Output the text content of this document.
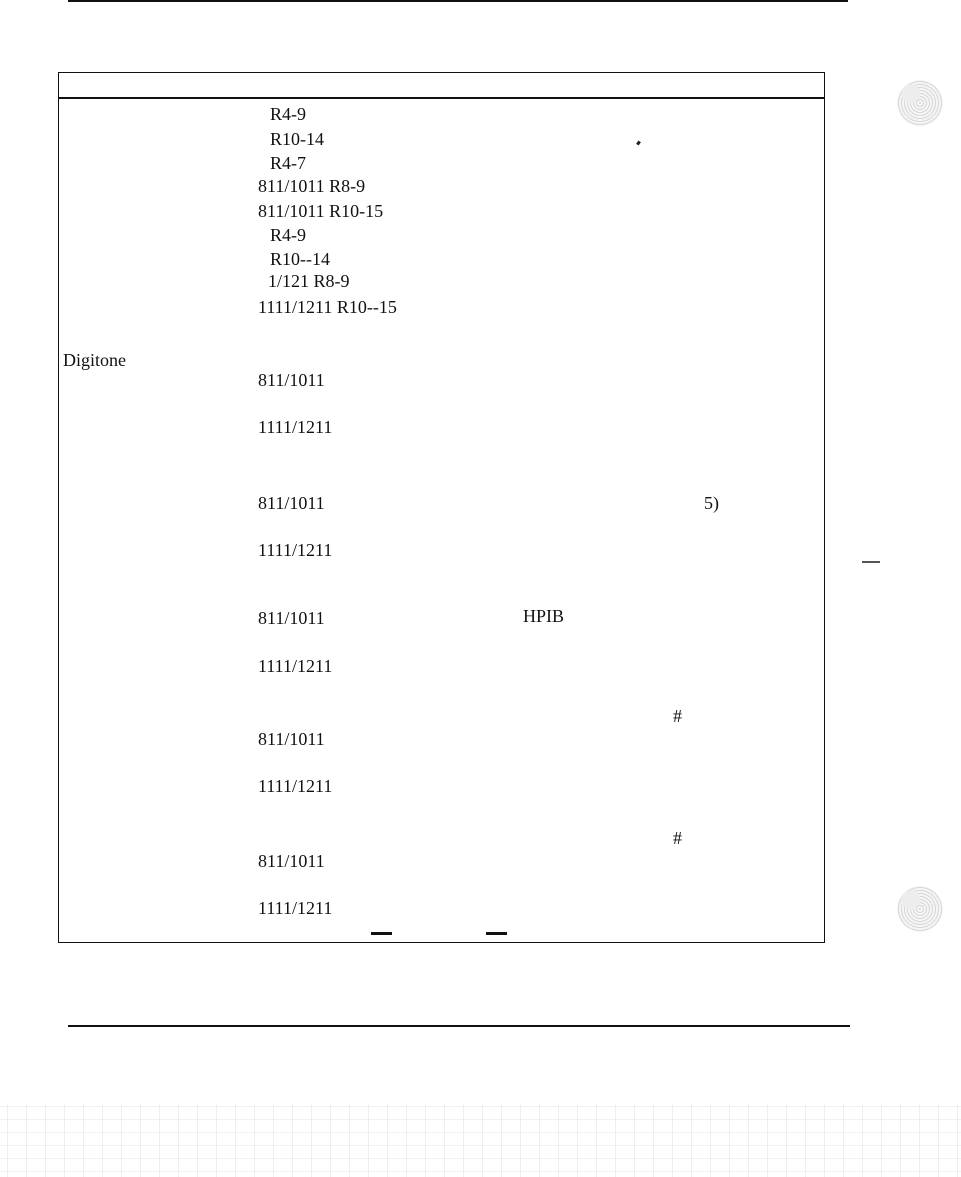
R4-9
R10-14
R4-7
811/1011 R8-9
811/1011 R10-15
R4-9
R10--14
1/121 R8-9
1111/1211 R10--15
Digitone
811/1011
1111/1211
811/1011	5)
1111/1211
811/1011	HPIB
1111/1211
#
811/1011
1111/1211
#
811/1011
1111/1211
